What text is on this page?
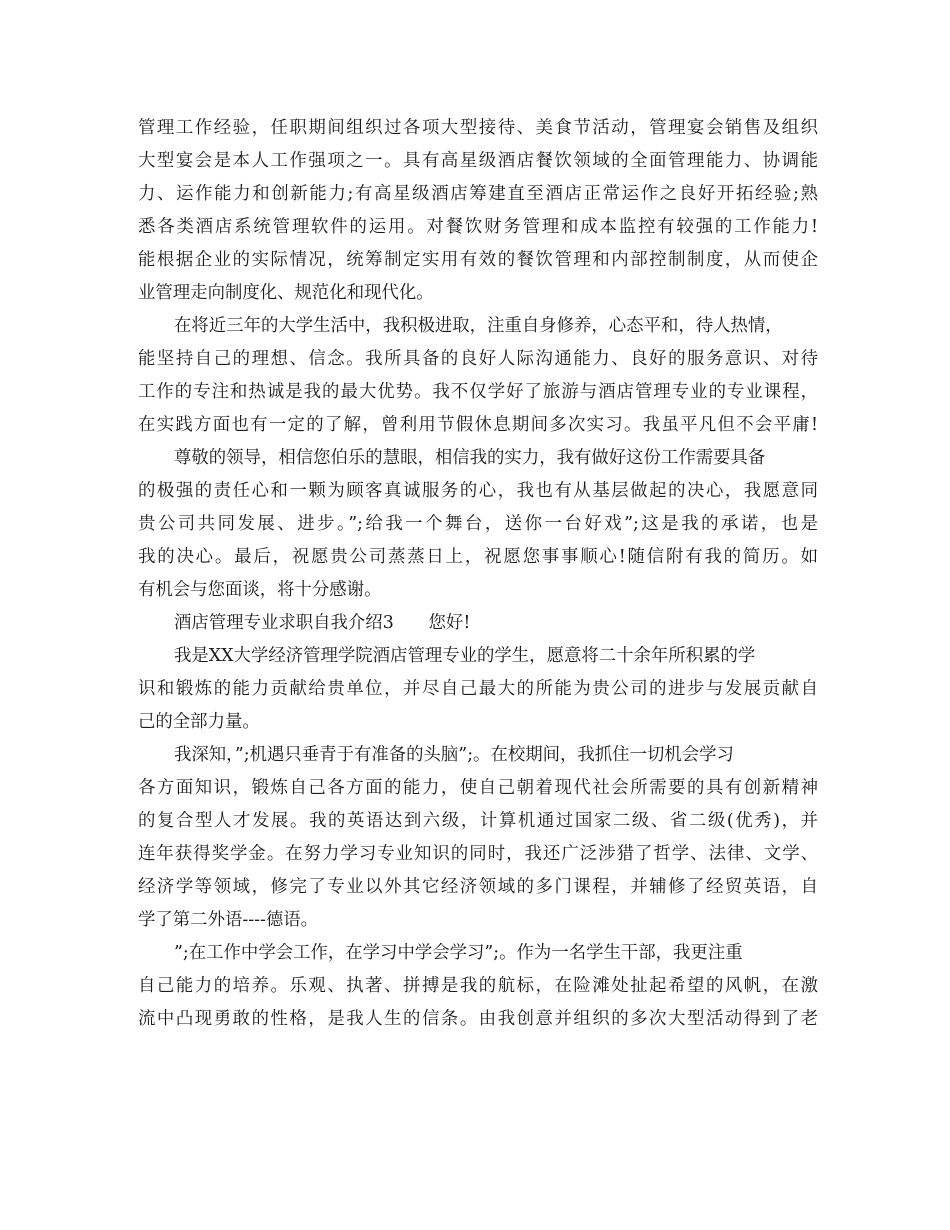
管理工作经验，任职期间组织过各项大型接待、美食节活动，管理宴会销售及组织
大型宴会是本人工作强项之一。具有高星级酒店餐饮领域的全面管理能力、协调能
力、运作能力和创新能力;有高星级酒店筹建直至酒店正常运作之良好开拓经验;熟
悉各类酒店系统管理软件的运用。对餐饮财务管理和成本监控有较强的工作能力!
能根据企业的实际情况，统筹制定实用有效的餐饮管理和内部控制制度，从而使企
业管理走向制度化、规范化和现代化。
在将近三年的大学生活中，我积极进取，注重自身修养，心态平和，待人热情，
能坚持自己的理想、信念。我所具备的良好人际沟通能力、良好的服务意识、对待
工作的专注和热诚是我的最大优势。我不仅学好了旅游与酒店管理专业的专业课程，
在实践方面也有一定的了解，曾利用节假休息期间多次实习。我虽平凡但不会平庸!
尊敬的领导，相信您伯乐的慧眼，相信我的实力，我有做好这份工作需要具备
的极强的责任心和一颗为顾客真诚服务的心，我也有从基层做起的决心，我愿意同
贵公司共同发展、进步。”;给我一个舞台，送你一台好戏”;这是我的承诺，也是
我的决心。最后，祝愿贵公司蒸蒸日上，祝愿您事事顺心!随信附有我的简历。如
有机会与您面谈，将十分感谢。
酒店管理专业求职自我介绍3　　您好!
我是XX大学经济管理学院酒店管理专业的学生，愿意将二十余年所积累的学
识和锻炼的能力贡献给贵单位，并尽自己最大的所能为贵公司的进步与发展贡献自
己的全部力量。
我深知，”;机遇只垂青于有准备的头脑”;。在校期间，我抓住一切机会学习
各方面知识，锻炼自己各方面的能力，使自己朝着现代社会所需要的具有创新精神
的复合型人才发展。我的英语达到六级，计算机通过国家二级、省二级(优秀)，并
连年获得奖学金。在努力学习专业知识的同时，我还广泛涉猎了哲学、法律、文学、
经济学等领域，修完了专业以外其它经济领域的多门课程，并辅修了经贸英语，自
学了第二外语----德语。
”;在工作中学会工作，在学习中学会学习”;。作为一名学生干部，我更注重
自己能力的培养。乐观、执著、拼搏是我的航标，在险滩处扯起希望的风帆，在激
流中凸现勇敢的性格，是我人生的信条。由我创意并组织的多次大型活动得到了老
